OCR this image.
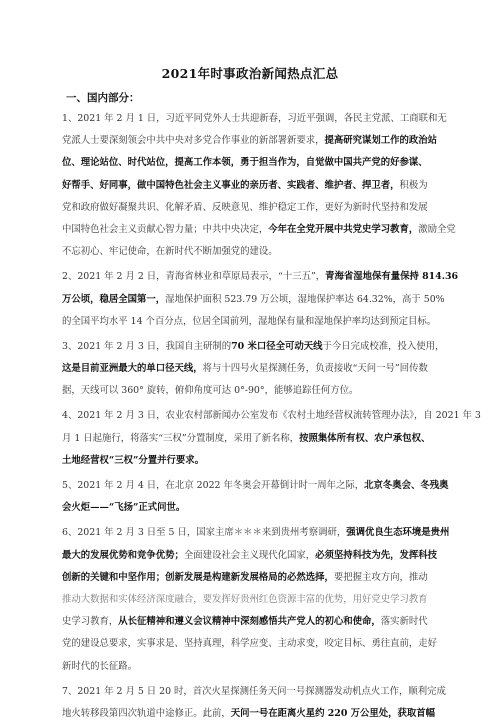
2021年时事政治新闻热点汇总
一、国内部分：
1、2021 年 2 月 1 日，习近平同党外人士共迎新春，习近平强调，各民主党派、工商联和无
党派人士要深刻领会中共中央对多党合作事业的新部署新要求，提高研究谋划工作的政治站
位、理论站位、时代站位，提高工作本领，勇于担当作为，自觉做中国共产党的好参谋、
好帮手、好同事，做中国特色社会主义事业的亲历者、实践者、维护者、捍卫者，积极为
党和政府做好凝聚共识、化解矛盾、反映意见、维护稳定工作，更好为新时代坚持和发展
中国特色社会主义贡献心智力量；中共中央决定，今年在全党开展中共党史学习教育，激励全党
不忘初心、牢记使命，在新时代不断加强党的建设。
2、2021 年 2 月 2 日，青海省林业和草原局表示，“十三五”，青海省湿地保有量保持 814.36
万公顷，稳居全国第一，湿地保护面积 523.79 万公顷，湿地保护率达 64.32%，高于 50%
的全国平均水平 14 个百分点，位居全国前列，湿地保有量和湿地保护率均达到预定目标。
3、2021 年 2 月 3 日，我国自主研制的70 米口径全可动天线于今日完成校准，投入使用，
这是目前亚洲最大的单口径天线，将与十四号火星探测任务，负责接收“天问一号”回传数
据，天线可以 360° 旋转，俯仰角度可达 0°-90°，能够追踪任何方位。
4、2021 年 2 月 3 日，农业农村部新闻办公室发布《农村土地经营权流转管理办法》，自 2021 年 3
月 1 日起施行，将落实“三权”分置制度，采用了新名称，按照集体所有权、农户承包权、
土地经营权“三权”分置并行要求。
5、2021 年 2 月 4 日，在北京 2022 年冬奥会开幕倒计时一周年之际，北京冬奥会、冬残奥
会火炬——“飞扬”正式问世。
6、2021 年 2 月 3 日至 5 日，国家主席＊＊＊来到贵州考察调研，强调优良生态环境是贵州
最大的发展优势和竞争优势；全面建设社会主义现代化国家，必须坚持科技为先，发挥科技
创新的关键和中坚作用；创新发展是构建新发展格局的必然选择，要把握主攻方向，推动
推动大数据和实体经济深度融合，要发挥好贵州红色资源丰富的优势，用好党史学习教育
史学习教育，从长征精神和遵义会议精神中深刻感悟共产党人的初心和使命，落实新时代
党的建设总要求，实事求是、坚持真理，科学应变、主动求变，咬定目标、勇往直前，走好
新时代的长征路。
7、2021 年 2 月 5 日 20 时，首次火星探测任务天问一号探测器发动机点火工作，顺利完成
地火转移段第四次轨道中途修正。此前，天问一号在距离火星约 220 万公里处，获取首幅
